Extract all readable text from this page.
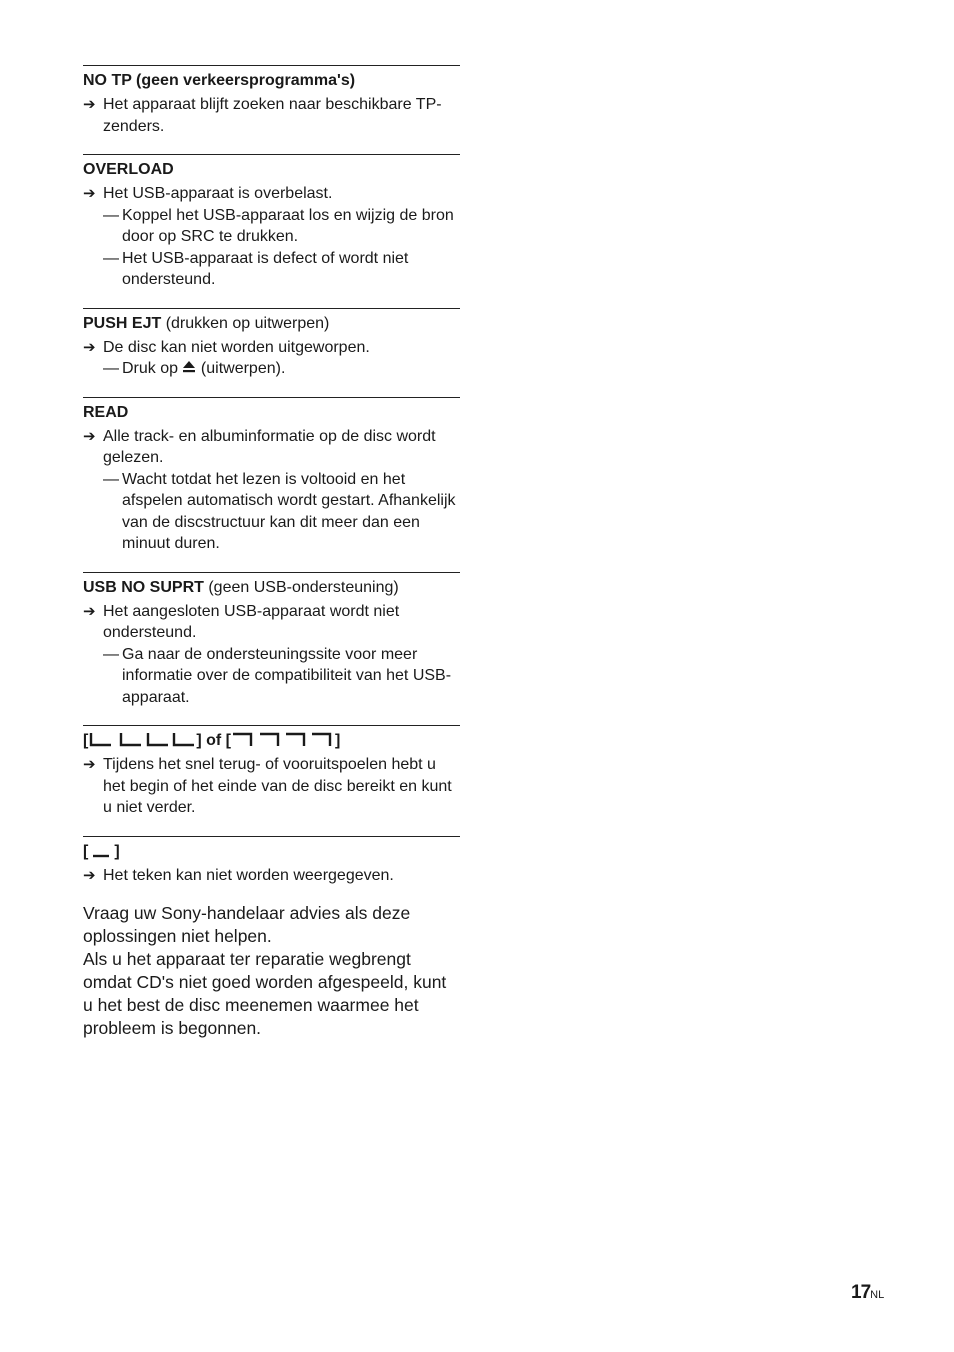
NO TP (geen verkeersprogramma's)
➔ Het apparaat blijft zoeken naar beschikbare TP-zenders.
OVERLOAD
➔ Het USB-apparaat is overbelast.
— Koppel het USB-apparaat los en wijzig de bron door op SRC te drukken.
— Het USB-apparaat is defect of wordt niet ondersteund.
PUSH EJT (drukken op uitwerpen)
➔ De disc kan niet worden uitgeworpen.
— Druk op  (uitwerpen).
READ
➔ Alle track- en albuminformatie op de disc wordt gelezen.
— Wacht totdat het lezen is voltooid en het afspelen automatisch wordt gestart. Afhankelijk van de discstructuur kan dit meer dan een minuut duren.
USB NO SUPRT (geen USB-ondersteuning)
➔ Het aangesloten USB-apparaat wordt niet ondersteund.
— Ga naar de ondersteuningssite voor meer informatie over de compatibiliteit van het USB-apparaat.
[	] of [	]
➔ Tijdens het snel terug- of vooruitspoelen hebt u het begin of het einde van de disc bereikt en kunt u niet verder.
[ ]
➔ Het teken kan niet worden weergegeven.

Vraag uw Sony-handelaar advies als deze oplossingen niet helpen.

Als u het apparaat ter reparatie wegbrengt omdat CD's niet goed worden afgespeeld, kunt u het best de disc meenemen waarmee het probleem is begonnen.

17NL
